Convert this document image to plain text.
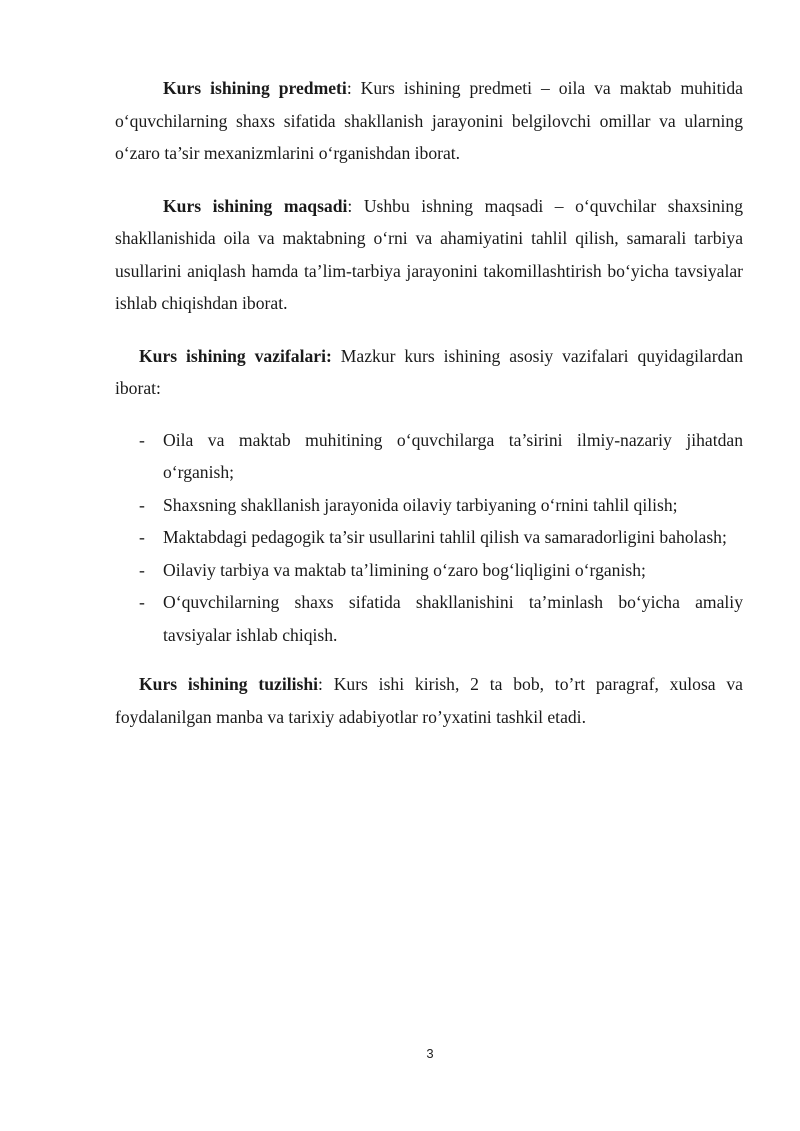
Kurs ishining predmeti: Kurs ishining predmeti – oila va maktab muhitida o‘quvchilarning shaxs sifatida shakllanish jarayonini belgilovchi omillar va ularning o‘zaro ta’sir mexanizmlarini o‘rganishdan iborat.

Kurs ishining maqsadi: Ushbu ishning maqsadi – o‘quvchilar shaxsining shakllanishida oila va maktabning o‘rni va ahamiyatini tahlil qilish, samarali tarbiya usullarini aniqlash hamda ta’lim-tarbiya jarayonini takomillashtirish bo‘yicha tavsiyalar ishlab chiqishdan iborat.

Kurs ishining vazifalari: Mazkur kurs ishining asosiy vazifalari quyidagilardan iborat:

- Oila va maktab muhitining o‘quvchilarga ta’sirini ilmiy-nazariy jihatdan o‘rganish;
- Shaxsning shakllanish jarayonida oilaviy tarbiyaning o‘rnini tahlil qilish;
- Maktabdagi pedagogik ta’sir usullarini tahlil qilish va samaradorligini baholash;
- Oilaviy tarbiya va maktab ta’limining o‘zaro bog‘liqligini o‘rganish;
- O‘quvchilarning shaxs sifatida shakllanishini ta’minlash bo‘yicha amaliy tavsiyalar ishlab chiqish.

Kurs ishining tuzilishi: Kurs ishi kirish, 2 ta bob, to’rt paragraf, xulosa va foydalanilgan manba va tarixiy adabiyotlar ro’yxatini tashkil etadi.

3
